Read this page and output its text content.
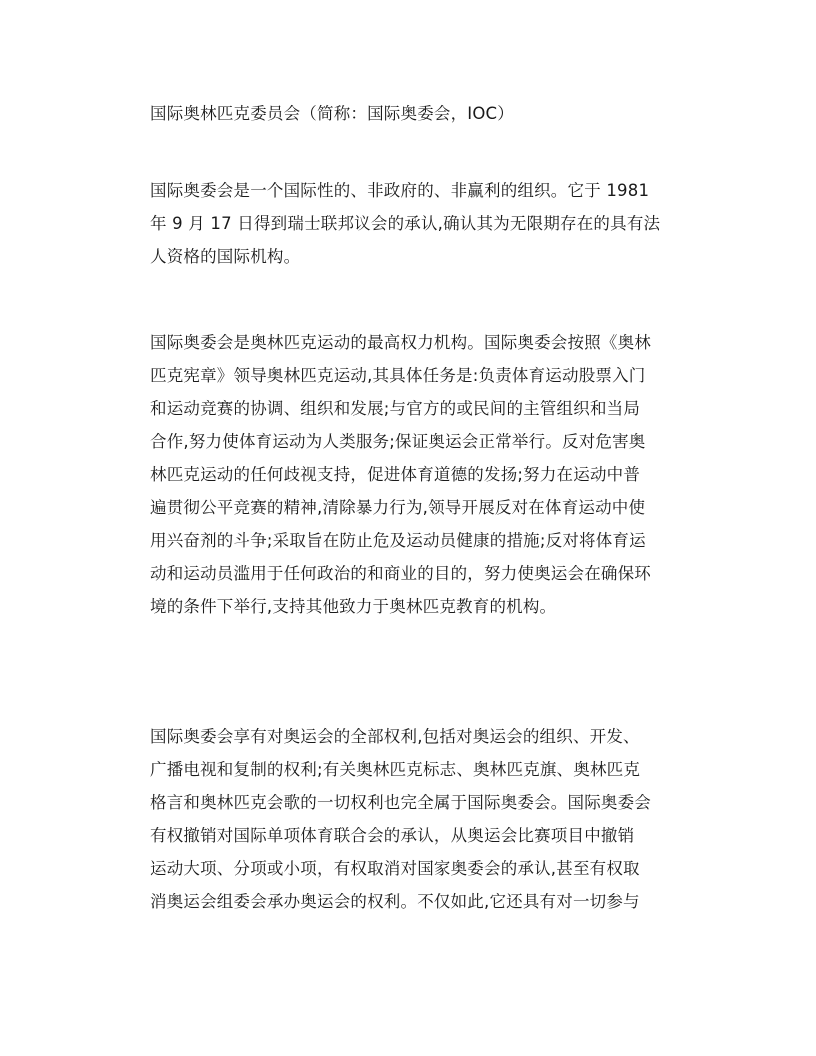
国际奥林匹克委员会（简称：国际奥委会，IOC）
国际奥委会是一个国际性的、非政府的、非赢利的组织。它于 1981
年 9 月 17 日得到瑞士联邦议会的承认,确认其为无限期存在的具有法
人资格的国际机构。
国际奥委会是奥林匹克运动的最高权力机构。国际奥委会按照《奥林
匹克宪章》领导奥林匹克运动,其具体任务是:负责体育运动股票入门
和运动竞赛的协调、组织和发展;与官方的或民间的主管组织和当局
合作,努力使体育运动为人类服务;保证奥运会正常举行。反对危害奥
林匹克运动的任何歧视支持，促进体育道德的发扬;努力在运动中普
遍贯彻公平竞赛的精神,清除暴力行为,领导开展反对在体育运动中使
用兴奋剂的斗争;采取旨在防止危及运动员健康的措施;反对将体育运
动和运动员滥用于任何政治的和商业的目的，努力使奥运会在确保环
境的条件下举行,支持其他致力于奥林匹克教育的机构。
国际奥委会享有对奥运会的全部权利,包括对奥运会的组织、开发、
广播电视和复制的权利;有关奥林匹克标志、奥林匹克旗、奥林匹克
格言和奥林匹克会歌的一切权利也完全属于国际奥委会。国际奥委会
有权撤销对国际单项体育联合会的承认，从奥运会比赛项目中撤销
运动大项、分项或小项，有权取消对国家奥委会的承认,甚至有权取
消奥运会组委会承办奥运会的权利。不仅如此,它还具有对一切参与
